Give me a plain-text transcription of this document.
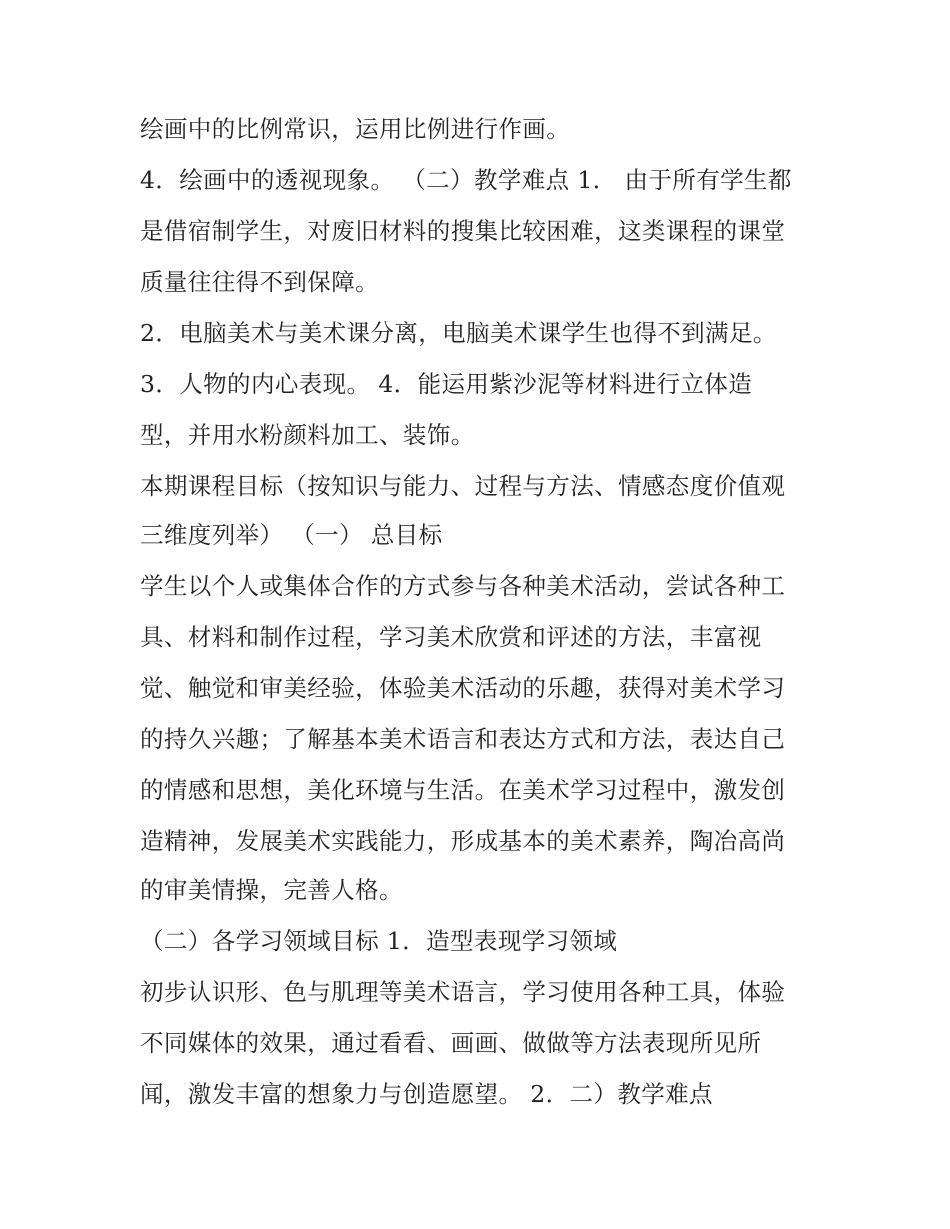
绘画中的比例常识，运用比例进行作画。
4．绘画中的透视现象。 （二）教学难点 1． 由于所有学生都
是借宿制学生，对废旧材料的搜集比较困难，这类课程的课堂
质量往往得不到保障。
2．电脑美术与美术课分离，电脑美术课学生也得不到满足。
3．人物的内心表现。 4．能运用紫沙泥等材料进行立体造
型，并用水粉颜料加工、装饰。
本期课程目标（按知识与能力、过程与方法、情感态度价值观
三维度列举） （一） 总目标
学生以个人或集体合作的方式参与各种美术活动，尝试各种工
具、材料和制作过程，学习美术欣赏和评述的方法，丰富视
觉、触觉和审美经验，体验美术活动的乐趣，获得对美术学习
的持久兴趣；了解基本美术语言和表达方式和方法，表达自己
的情感和思想，美化环境与生活。在美术学习过程中，激发创
造精神，发展美术实践能力，形成基本的美术素养，陶冶高尚
的审美情操，完善人格。
（二）各学习领域目标 1．造型表现学习领域
初步认识形、色与肌理等美术语言，学习使用各种工具，体验
不同媒体的效果，通过看看、画画、做做等方法表现所见所
闻，激发丰富的想象力与创造愿望。 2．二）教学难点
